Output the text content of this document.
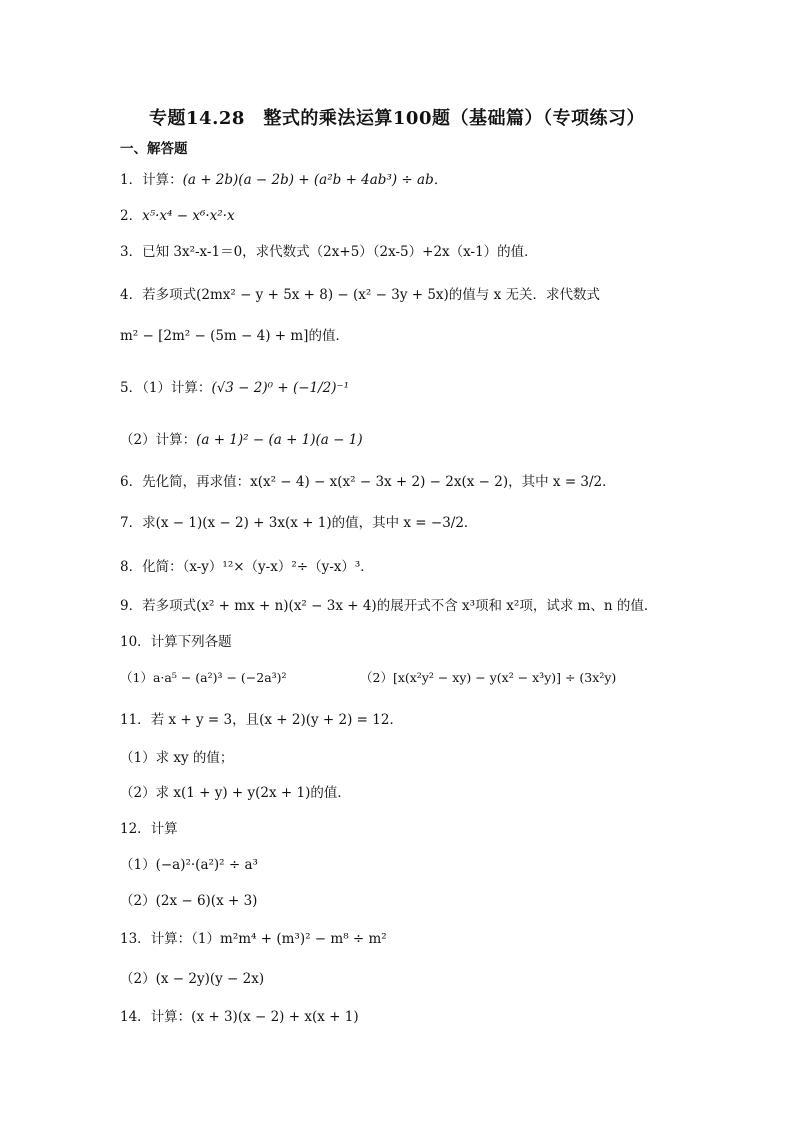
专题14.28　整式的乘法运算100题（基础篇）（专项练习）
一、解答题
1．计算：(a + 2b)(a − 2b) + (a²b + 4ab³) ÷ ab．
2．x⁵·x⁴ − x⁶·x²·x
3．已知 3x²-x-1＝0，求代数式（2x+5）（2x-5）+2x（x-1）的值．
4．若多项式(2mx² − y + 5x + 8) − (x² − 3y + 5x)的值与 x 无关．求代数式
m² − [2m² − (5m − 4) + m]的值．
5．（1）计算：(√3 − 2)⁰ + (−1/2)⁻¹
（2）计算：(a + 1)² − (a + 1)(a − 1)
6．先化简，再求值：x(x² − 4) − x(x² − 3x + 2) − 2x(x − 2)，其中 x = 3/2．
7．求(x − 1)(x − 2) + 3x(x + 1)的值，其中 x = −3/2．
8．化简：（x-y）¹²×（y-x）²÷（y-x）³．
9．若多项式(x² + mx + n)(x² − 3x + 4)的展开式不含 x³项和 x²项，试求 m、n 的值．
10．计算下列各题
（1）a·a⁵ − (a²)³ − (−2a³)²	（2）[x(x²y² − xy) − y(x² − x³y)] ÷ (3x²y)
11．若 x + y = 3，且(x + 2)(y + 2) = 12．
（1）求 xy 的值；
（2）求 x(1 + y) + y(2x + 1)的值．
12．计算
（1）(−a)²·(a²)² ÷ a³
（2）(2x − 6)(x + 3)
13．计算：（1）m²m⁴ + (m³)² − m⁸ ÷ m²
（2）(x − 2y)(y − 2x)
14．计算：(x + 3)(x − 2) + x(x + 1)
